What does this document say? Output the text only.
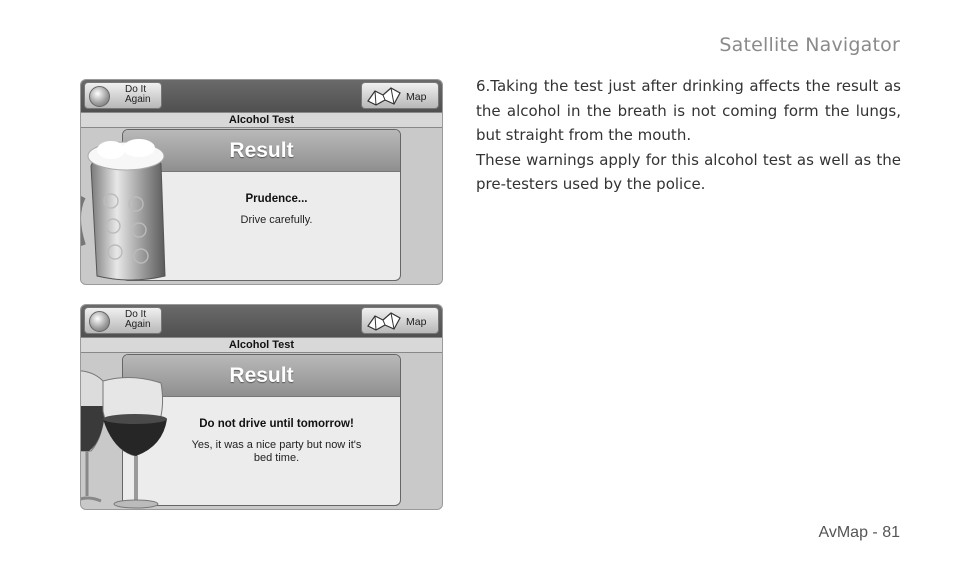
Satellite Navigator

6.Taking the test just after drinking affects the result as the alcohol in the breath is not coming form the lungs, but straight from the mouth.

These warnings apply for this alcohol test as well as the pre-testers used by the police.

AvMap - 81
Do It
Again	Map
Alcohol Test
Result
Prudence...
Drive carefully.
Do It
Again	Map
Alcohol Test
Result
Do not drive until tomorrow!
Yes, it was a nice party but now it's
bed time.
